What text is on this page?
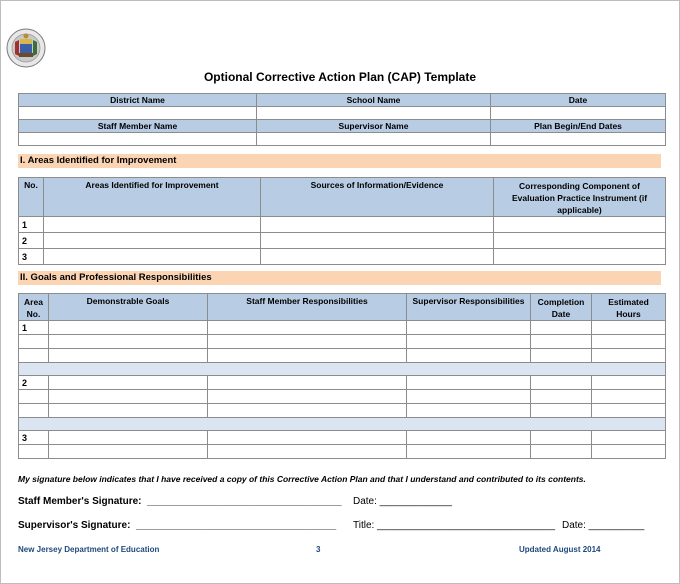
Optional Corrective Action Plan (CAP) Template
District Name	School Name	Date

Staff Member Name	Supervisor Name	Plan Begin/End Dates

I. Areas Identified for Improvement
No.	Areas Identified for Improvement	Sources of Information/Evidence	Corresponding Component of Evaluation Practice Instrument (if applicable)
1			
2			
3			
II. Goals and Professional Responsibilities
Area No.	Demonstrable Goals	Staff Member Responsibilities	Supervisor Responsibilities	Completion Date	Estimated Hours
1					

2					

3					

My signature below indicates that I have received a copy of this Corrective Action Plan and that I understand and contributed to its contents.
Staff Member's Signature:  ___________________________________ Date: _____________
Supervisor's Signature:  ____________________________________ Title: ________________________________ Date: __________
New Jersey Department of Education	3	Updated August 2014
